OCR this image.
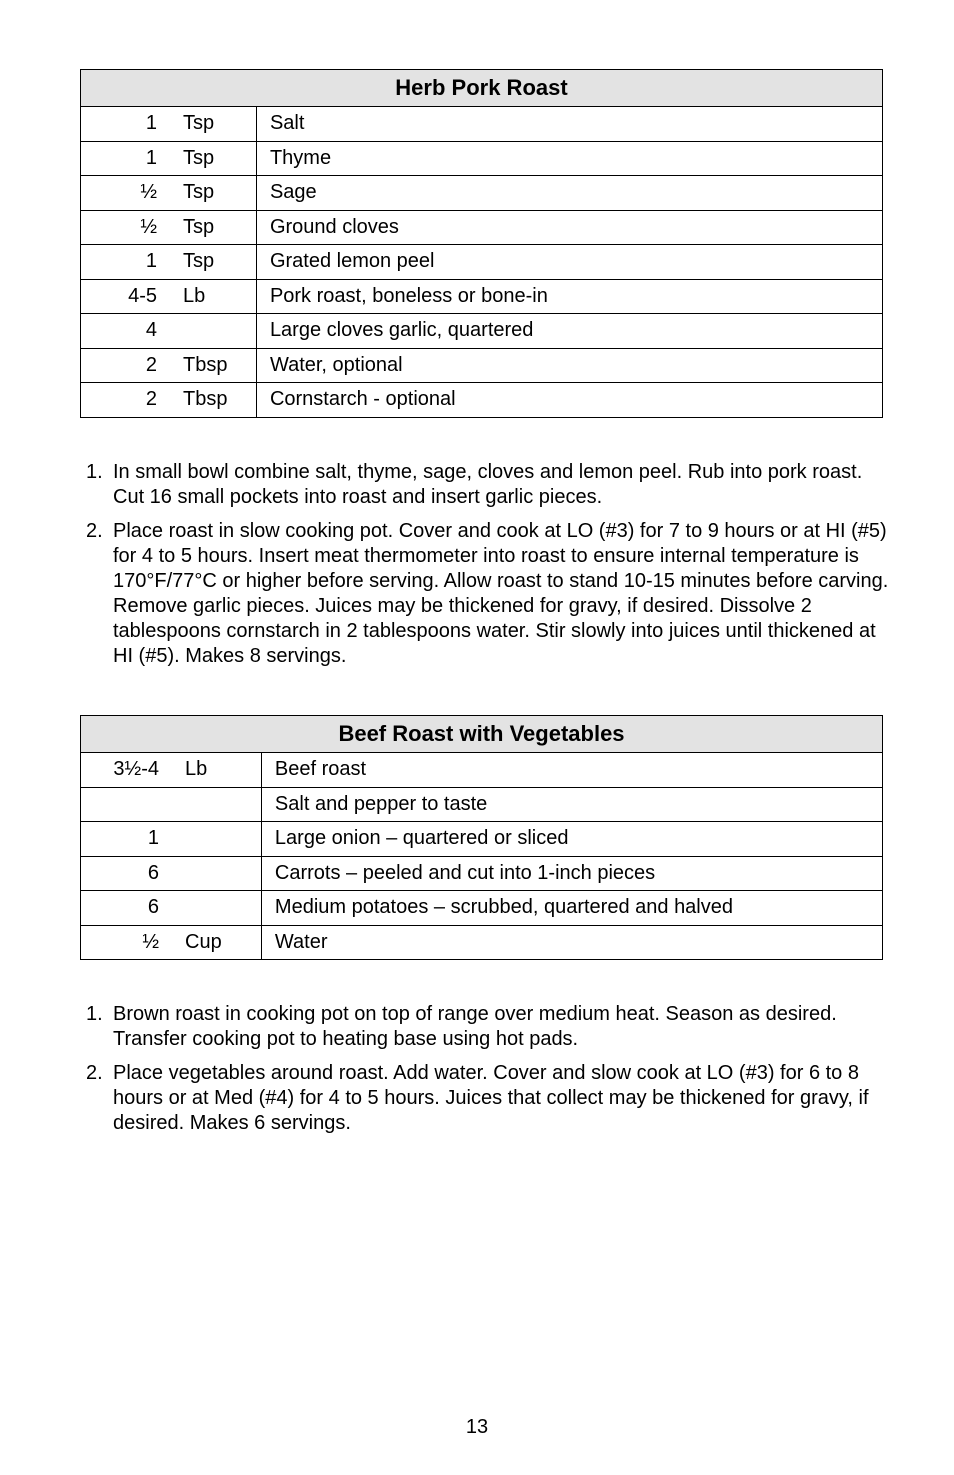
Herb Pork Roast	

1 Tsp	Salt

1 Tsp	Thyme

½ Tsp	Sage

½ Tsp	Ground cloves

1 Tsp	Grated lemon peel

4-5 Lb	Pork roast, boneless or bone-in

4	Large cloves garlic, quartered

2 Tbsp	Water, optional

2 Tbsp	Cornstarch - optional
1. In small bowl combine salt, thyme, sage, cloves and lemon peel. Rub into pork roast. Cut 16 small pockets into roast and insert garlic pieces.
2. Place roast in slow cooking pot. Cover and cook at LO (#3) for 7 to 9 hours or at HI (#5) for 4 to 5 hours. Insert meat thermometer into roast to ensure internal temperature is 170°F/77°C or higher before serving. Allow roast to stand 10-15 minutes before carving. Remove garlic pieces. Juices may be thickened for gravy, if desired. Dissolve 2 tablespoons cornstarch in 2 tablespoons water. Stir slowly into juices until thickened at HI (#5). Makes 8 servings.
Beef Roast with Vegetables	

3½-4 Lb	Beef roast

	Salt and pepper to taste

1	Large onion – quartered or sliced

6	Carrots – peeled and cut into 1-inch pieces

6	Medium potatoes – scrubbed, quartered and halved

½ Cup	Water
1. Brown roast in cooking pot on top of range over medium heat. Season as desired. Transfer cooking pot to heating base using hot pads.
2. Place vegetables around roast. Add water. Cover and slow cook at LO (#3) for 6 to 8 hours or at Med (#4) for 4 to 5 hours. Juices that collect may be thickened for gravy, if desired. Makes 6 servings.
13
